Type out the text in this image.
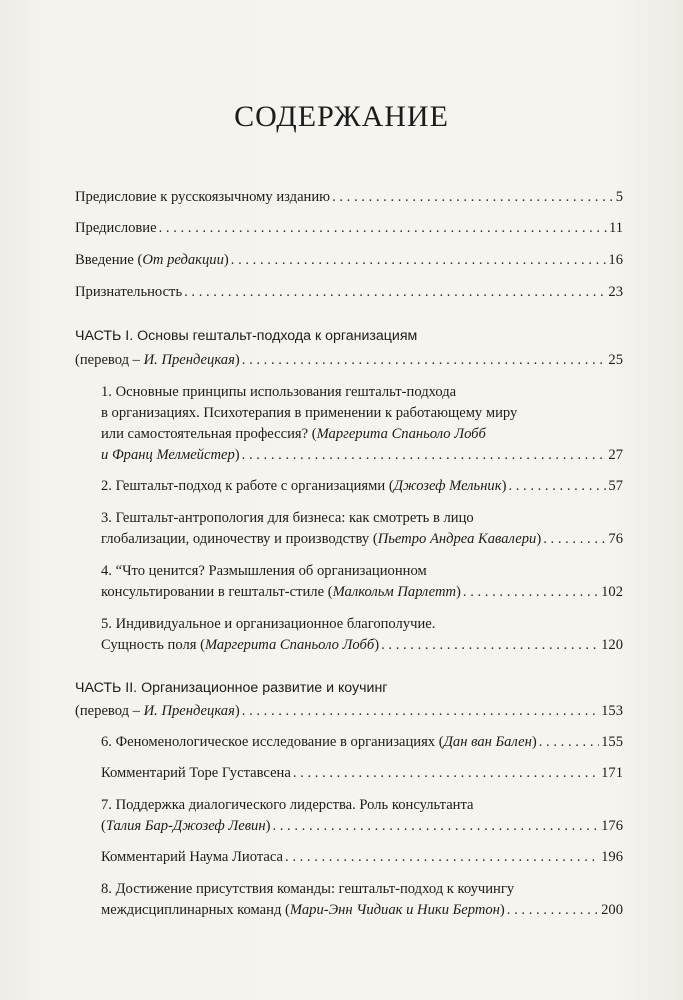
СОДЕРЖАНИЕ
Предисловие к русскоязычному изданию . . .	5
Предисловие . . .	11
Введение (От редакции) . . .	16
Признательность . . .	23
ЧАСТЬ I. Основы гештальт-подхода к организациям
(перевод – И. Прендецкая) . . .	25
1. Основные принципы использования гештальт-подхода
в организациях. Психотерапия в применении к работающему миру
или самостоятельная профессия? (Маргерита Спаньоло Лобб
и Франц Мелмейстер) . . .	27
2. Гештальт-подход к работе с организациями (Джозеф Мельник) . . .	57
3. Гештальт-антропология для бизнеса: как смотреть в лицо
глобализации, одиночеству и производству (Пьетро Андреа Кавалери) . . .	76
4. “Что ценится? Размышления об организационном
консультировании в гештальт-стиле (Малкольм Парлетт) . . .	102
5. Индивидуальное и организационное благополучие.
Сущность поля (Маргерита Спаньоло Лобб) . . .	120
ЧАСТЬ II. Организационное развитие и коучинг
(перевод – И. Прендецкая) . . .	153
6. Феноменологическое исследование в организациях (Дан ван Бален) . . .	155
Комментарий Торе Густавсена . . .	171
7. Поддержка диалогического лидерства. Роль консультанта
(Талия Бар-Джозеф Левин) . . .	176
Комментарий Наума Лиотаса . . .	196
8. Достижение присутствия команды: гештальт-подход к коучингу
междисциплинарных команд (Мари-Энн Чидиак и Ники Бертон) . . .	200
